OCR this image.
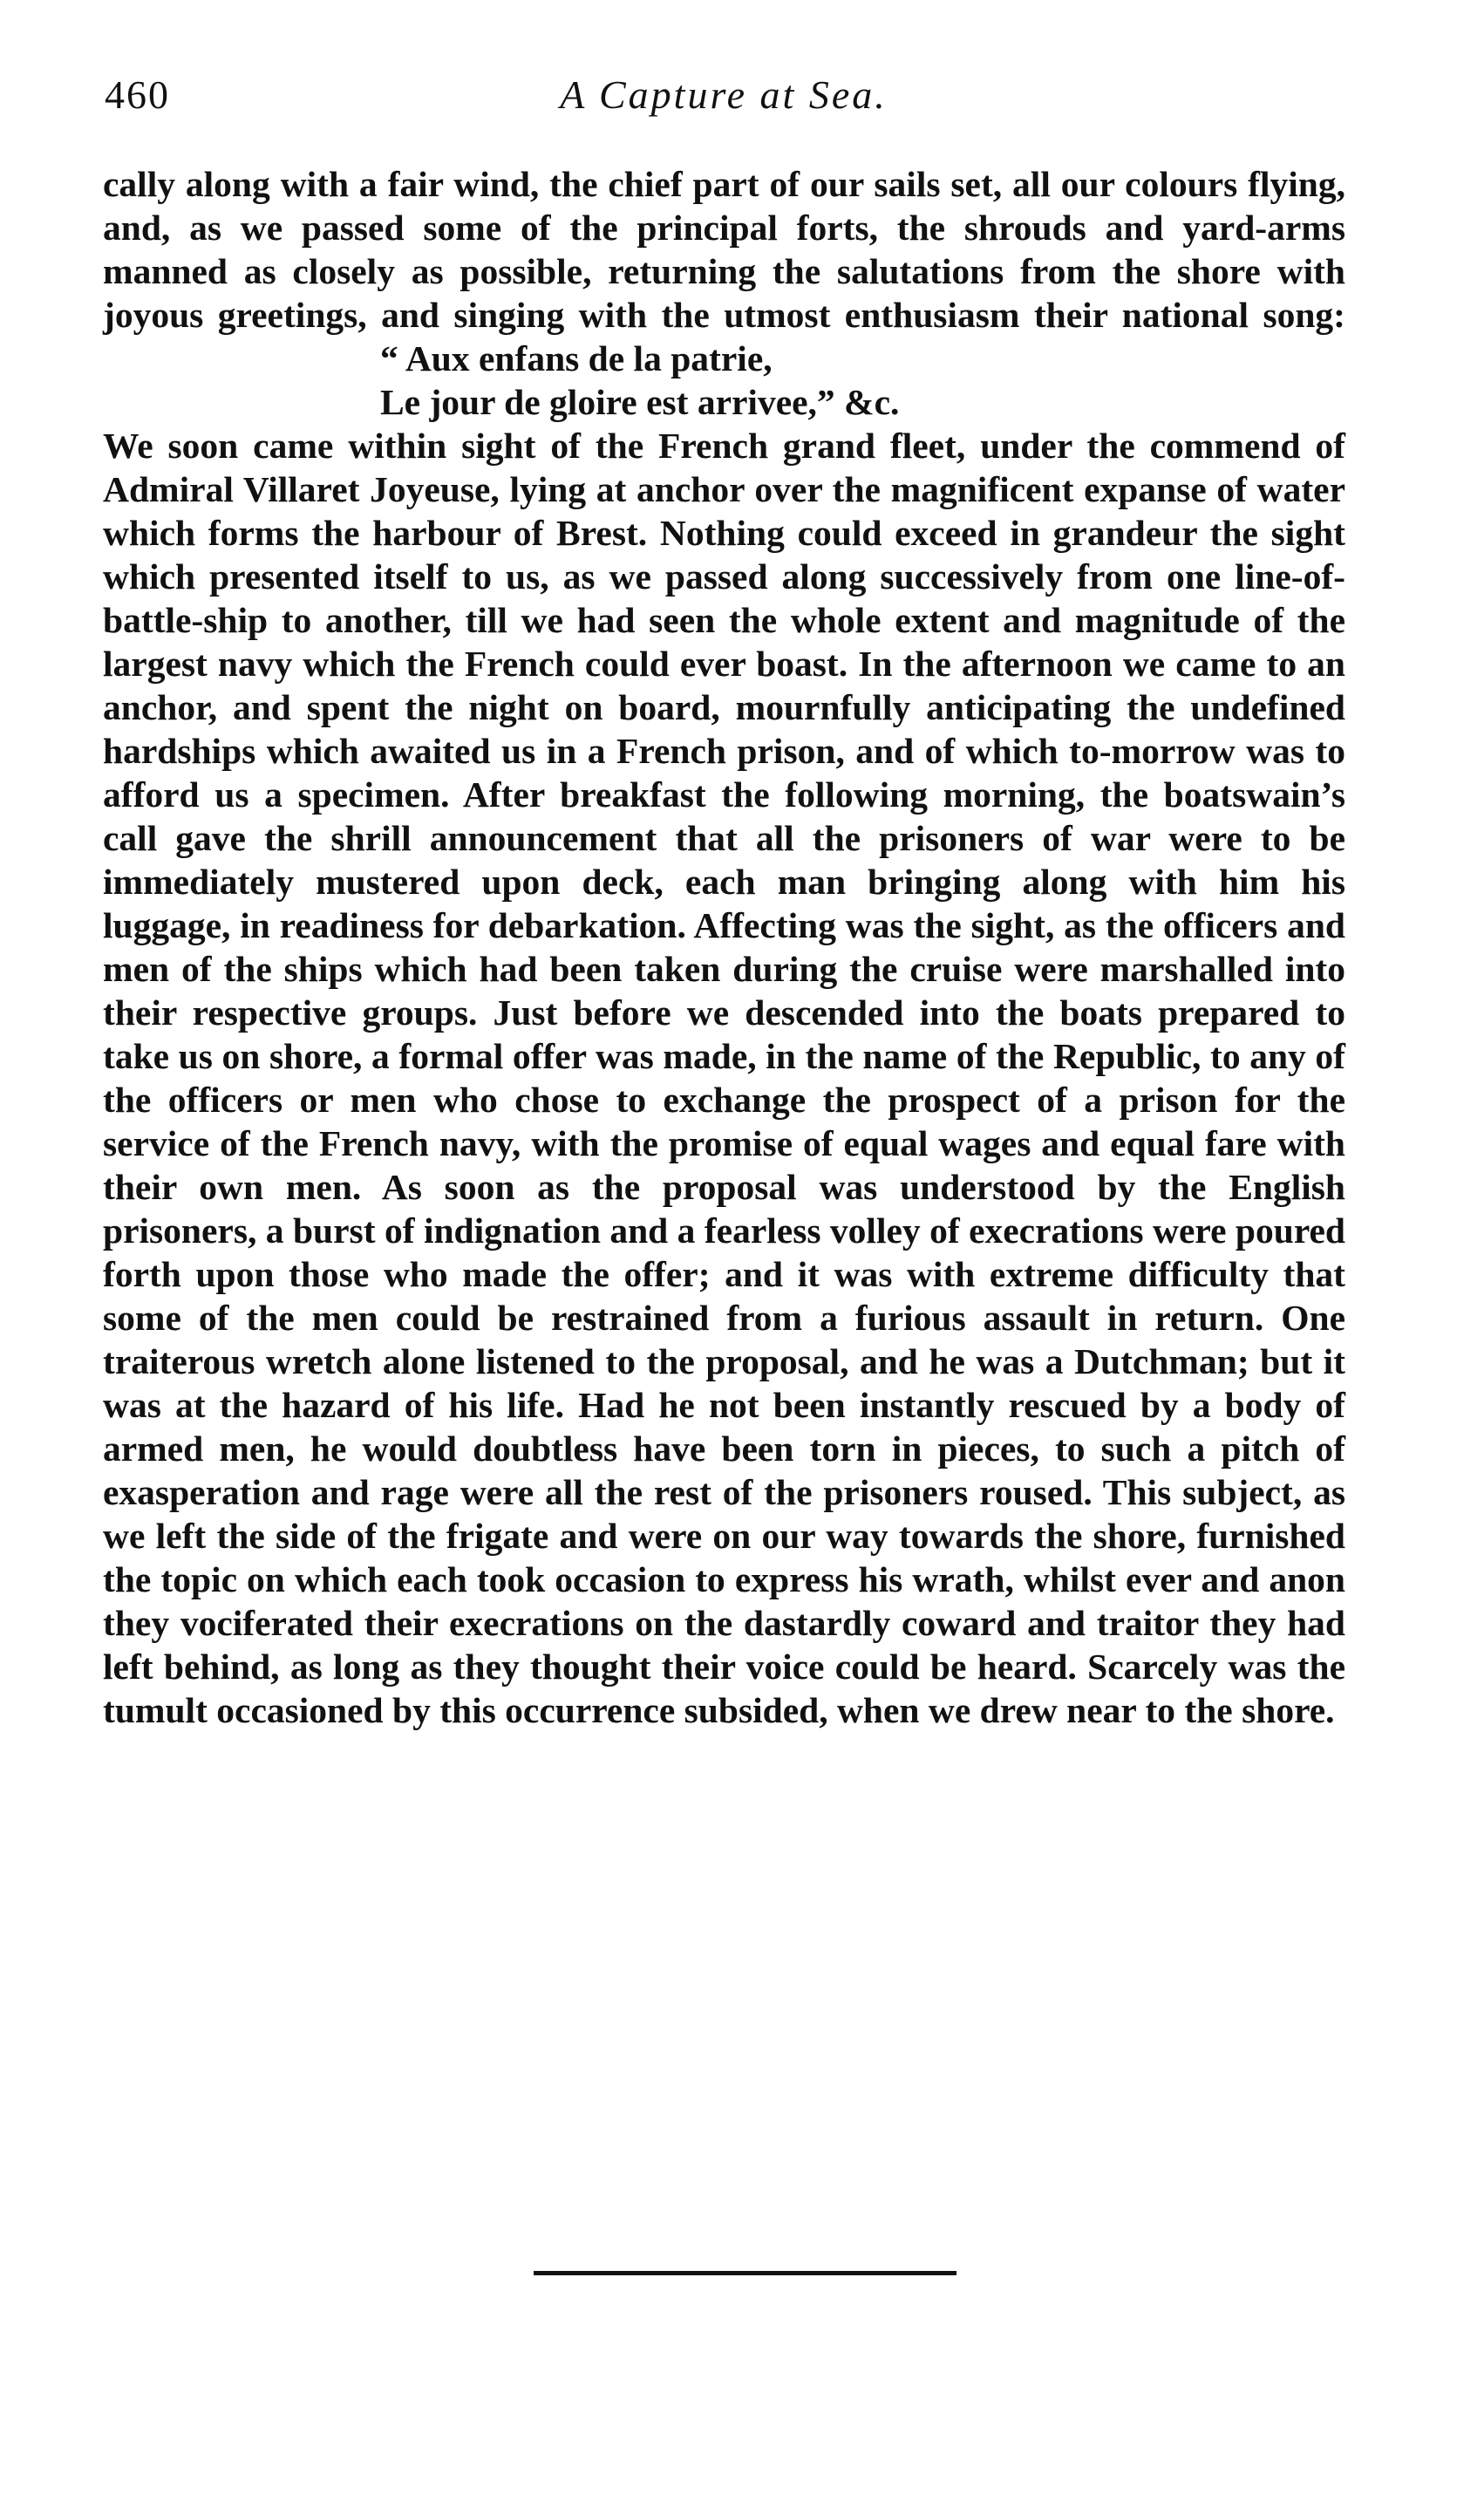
460	A Capture at Sea.

cally along with a fair wind, the chief part of our sails set, all our colours flying, and, as we passed some of the principal forts, the shrouds and yard-arms manned as closely as possible, returning the salutations from the shore with joyous greetings, and singing with the utmost enthusiasm their national song:

“ Aux enfans de la patrie,
Le jour de gloire est arrivee,” &c.

We soon came within sight of the French grand fleet, under the commend of Admiral Villaret Joyeuse, lying at anchor over the magnificent expanse of water which forms the harbour of Brest. Nothing could exceed in grandeur the sight which presented itself to us, as we passed along successively from one line-of-battle-ship to another, till we had seen the whole extent and magnitude of the largest navy which the French could ever boast. In the afternoon we came to an anchor, and spent the night on board, mournfully anticipating the undefined hardships which awaited us in a French prison, and of which to-morrow was to afford us a specimen. After breakfast the following morning, the boatswain’s call gave the shrill announcement that all the prisoners of war were to be immediately mustered upon deck, each man bringing along with him his luggage, in readiness for debarkation. Affecting was the sight, as the officers and men of the ships which had been taken during the cruise were marshalled into their respective groups. Just before we descended into the boats prepared to take us on shore, a formal offer was made, in the name of the Republic, to any of the officers or men who chose to exchange the prospect of a prison for the service of the French navy, with the promise of equal wages and equal fare with their own men. As soon as the proposal was understood by the English prisoners, a burst of indignation and a fearless volley of execrations were poured forth upon those who made the offer; and it was with extreme difficulty that some of the men could be restrained from a furious assault in return. One traiterous wretch alone listened to the proposal, and he was a Dutchman; but it was at the hazard of his life. Had he not been instantly rescued by a body of armed men, he would doubtless have been torn in pieces, to such a pitch of exasperation and rage were all the rest of the prisoners roused. This subject, as we left the side of the frigate and were on our way towards the shore, furnished the topic on which each took occasion to express his wrath, whilst ever and anon they vociferated their execrations on the dastardly coward and traitor they had left behind, as long as they thought their voice could be heard. Scarcely was the tumult occasioned by this occurrence subsided, when we drew near to the shore.
